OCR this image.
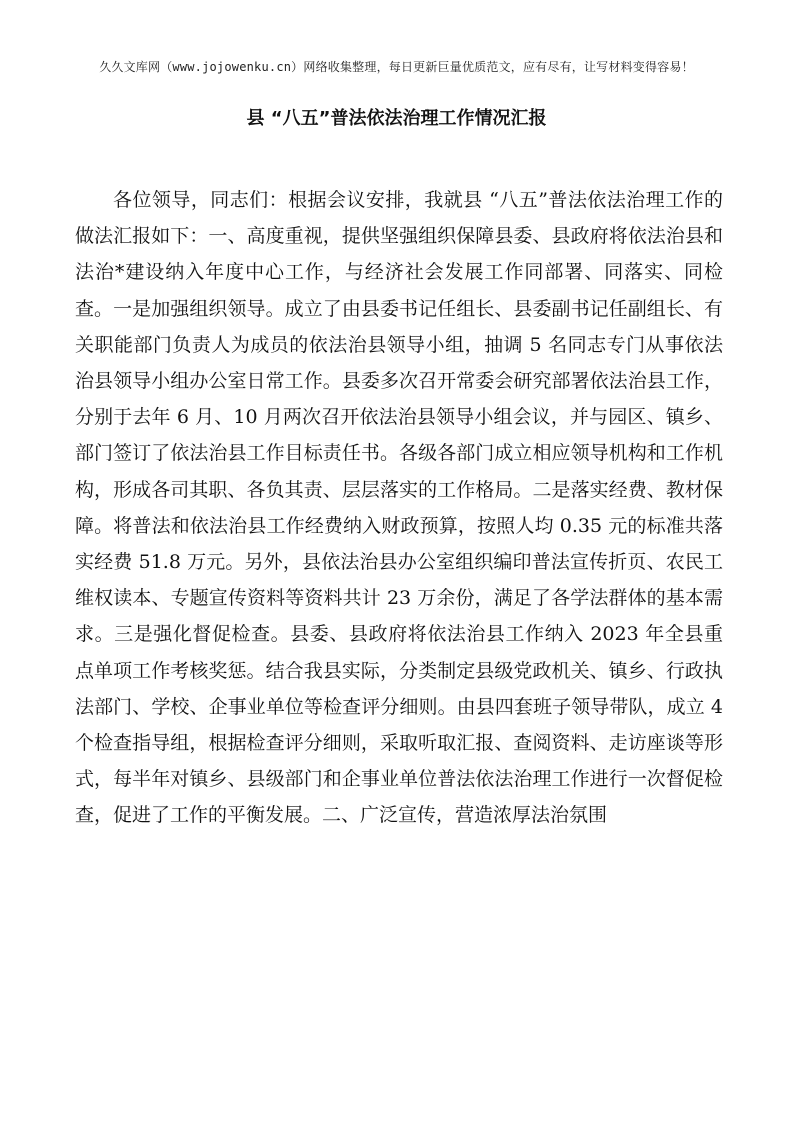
久久文库网（www.jojowenku.cn）网络收集整理，每日更新巨量优质范文，应有尽有，让写材料变得容易！
县 “八五”普法依法治理工作情况汇报

各位领导，同志们：根据会议安排，我就县 “八五”普法依法治理工作的做法汇报如下：一、高度重视，提供坚强组织保障县委、县政府将依法治县和法治*建设纳入年度中心工作，与经济社会发展工作同部署、同落实、同检查。一是加强组织领导。成立了由县委书记任组长、县委副书记任副组长、有关职能部门负责人为成员的依法治县领导小组，抽调 5 名同志专门从事依法治县领导小组办公室日常工作。县委多次召开常委会研究部署依法治县工作，分别于去年 6 月、10 月两次召开依法治县领导小组会议，并与园区、镇乡、部门签订了依法治县工作目标责任书。各级各部门成立相应领导机构和工作机构，形成各司其职、各负其责、层层落实的工作格局。二是落实经费、教材保障。将普法和依法治县工作经费纳入财政预算，按照人均 0.35 元的标准共落实经费 51.8 万元。另外，县依法治县办公室组织编印普法宣传折页、农民工维权读本、专题宣传资料等资料共计 23 万余份，满足了各学法群体的基本需求。三是强化督促检查。县委、县政府将依法治县工作纳入 2023 年全县重点单项工作考核奖惩。结合我县实际，分类制定县级党政机关、镇乡、行政执法部门、学校、企事业单位等检查评分细则。由县四套班子领导带队，成立 4 个检查指导组，根据检查评分细则，采取听取汇报、查阅资料、走访座谈等形式，每半年对镇乡、县级部门和企事业单位普法依法治理工作进行一次督促检查，促进了工作的平衡发展。二、广泛宣传，营造浓厚法治氛围
